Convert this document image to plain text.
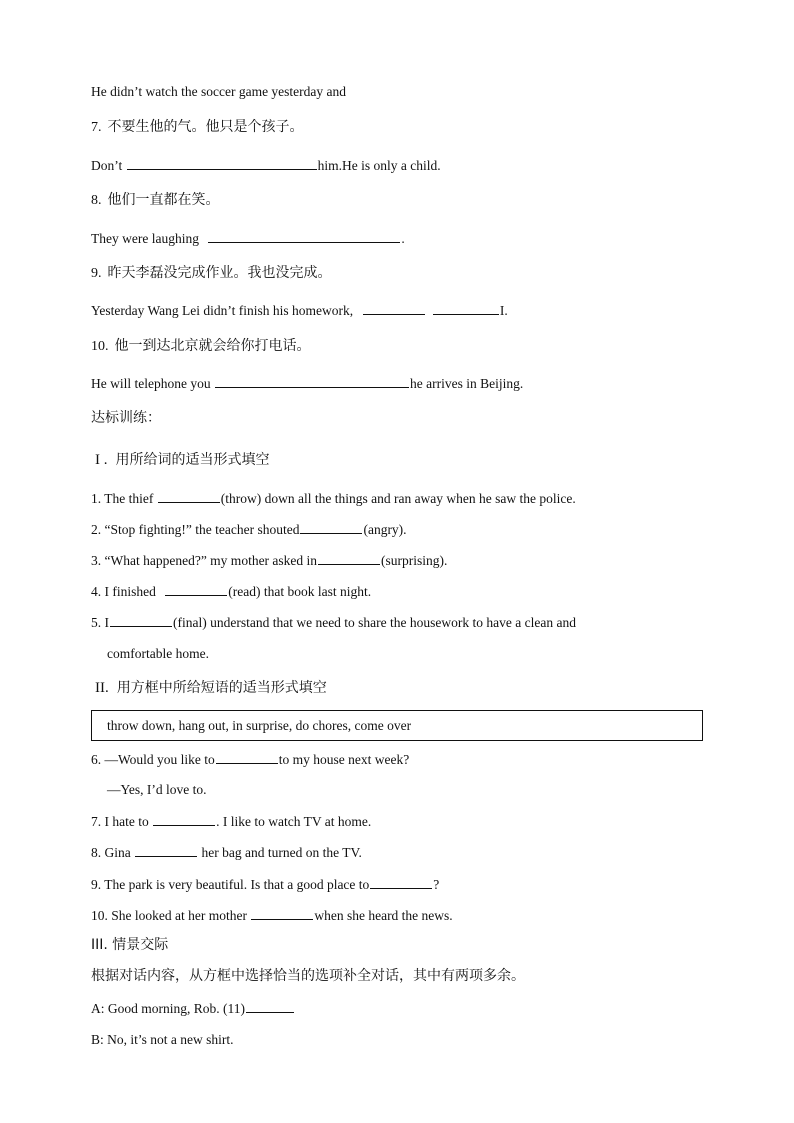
He didn’t watch the soccer game yesterday and
7. 不要生他的气。他只是个孩子。
Don’t	him.He is only a child.
8. 他们一直都在笑。
They were laughing	.
9. 昨天李磊没完成作业。我也没完成。
Yesterday Wang Lei didn’t finish his homework,	I.
10. 他一到达北京就会给你打电话。
He will telephone you	he arrives in Beijing.
达标训练：
I . 用所给词的适当形式填空
1. The thief	(throw) down all the things and ran away when he saw the police.
2. “Stop fighting!” the teacher shouted	(angry).
3. “What happened?” my mother asked in	(surprising).
4. I finished	(read) that book last night.
5. I	(final) understand that we need to share the housework to have a clean and
comfortable home.
II. 用方框中所给短语的适当形式填空
throw down, hang out, in surprise, do chores, come over
6. —Would you like to	to my house next week?
—Yes, I’d love to.
7. I hate to	. I like to watch TV at home.
8. Gina	her bag and turned on the TV.
9. The park is very beautiful. Is that a good place to	?
10. She looked at her mother	when she heard the news.
III. 情景交际
根据对话内容，从方框中选择恰当的选项补全对话，其中有两项多余。
A: Good morning, Rob. (11)
B: No, it’s not a new shirt.
